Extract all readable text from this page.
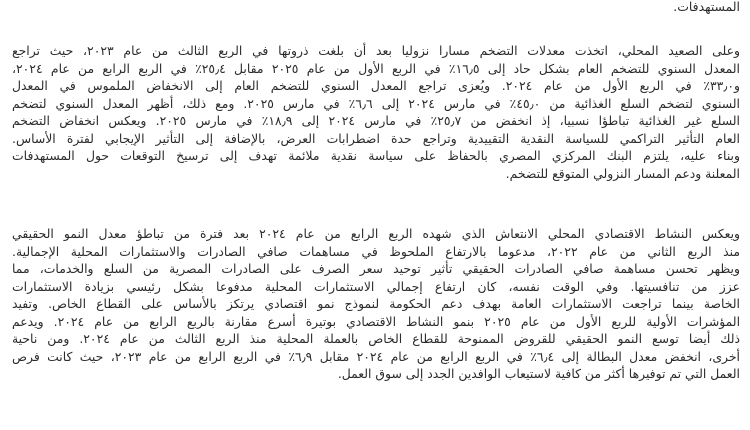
المستهدفات.

وعلى الصعيد المحلي، اتخذت معدلات التضخم مسارا نزوليا بعد أن بلغت ذروتها في الربع الثالث من عام ٢٠٢٣، حيث تراجع
المعدل السنوي للتضخم العام بشكل حاد إلى ١٦٫٥٪ في الربع الأول من عام ٢٠٢٥ مقابل ٢٥٫٤٪ في الربع الرابع من عام ٢٠٢٤،
و٣٣٫٠٪ في الربع الأول من عام ٢٠٢٤. ويُعزى تراجع المعدل السنوي للتضخم العام إلى الانخفاض الملموس في المعدل
السنوي لتضخم السلع الغذائية من ٤٥٫٠٪ في مارس ٢٠٢٤ إلى ٦٫٦٪ في مارس ٢٠٢٥. ومع ذلك، أظهر المعدل السنوي لتضخم
السلع غير الغذائية تباطؤا نسبيا، إذ انخفض من ٢٥٫٧٪ في مارس ٢٠٢٤ إلى ١٨٫٩٪ في مارس ٢٠٢٥. ويعكس انخفاض التضخم
العام التأثير التراكمي للسياسة النقدية التقييدية وتراجع حدة اضطرابات العرض، بالإضافة إلى التأثير الإيجابي لفترة الأساس.
وبناء عليه، يلتزم البنك المركزي المصري بالحفاظ على سياسة نقدية ملائمة تهدف إلى ترسيخ التوقعات حول المستهدفات
المعلنة ودعم المسار النزولي المتوقع للتضخم.

ويعكس النشاط الاقتصادي المحلي الانتعاش الذي شهده الربع الرابع من عام ٢٠٢٤ بعد فترة من تباطؤ معدل النمو الحقيقي
منذ الربع الثاني من عام ٢٠٢٢، مدعوما بالارتفاع الملحوظ في مساهمات صافي الصادرات والاستثمارات المحلية الإجمالية.
ويظهر تحسن مساهمة صافي الصادرات الحقيقي تأثير توحيد سعر الصرف على الصادرات المصرية من السلع والخدمات، مما
عزز من تنافسيتها. وفي الوقت نفسه، كان ارتفاع إجمالي الاستثمارات المحلية مدفوعا بشكل رئيسي بزيادة الاستثمارات
الخاصة بينما تراجعت الاستثمارات العامة بهدف دعم الحكومة لنموذج نمو اقتصادي يرتكز بالأساس على القطاع الخاص. وتفيد
المؤشرات الأولية للربع الأول من عام ٢٠٢٥ بنمو النشاط الاقتصادي بوتيرة أسرع مقارنة بالربع الرابع من عام ٢٠٢٤. ويدعم
ذلك أيضا توسع النمو الحقيقي للقروض الممنوحة للقطاع الخاص بالعملة المحلية منذ الربع الثالث من عام ٢٠٢٤. ومن ناحية
أخرى، انخفض معدل البطالة إلى ٦٫٤٪ في الربع الرابع من عام ٢٠٢٤ مقابل ٦٫٩٪ في الربع الرابع من عام ٢٠٢٣، حيث كانت فرص
العمل التي تم توفيرها أكثر من كافية لاستيعاب الوافدين الجدد إلى سوق العمل.
